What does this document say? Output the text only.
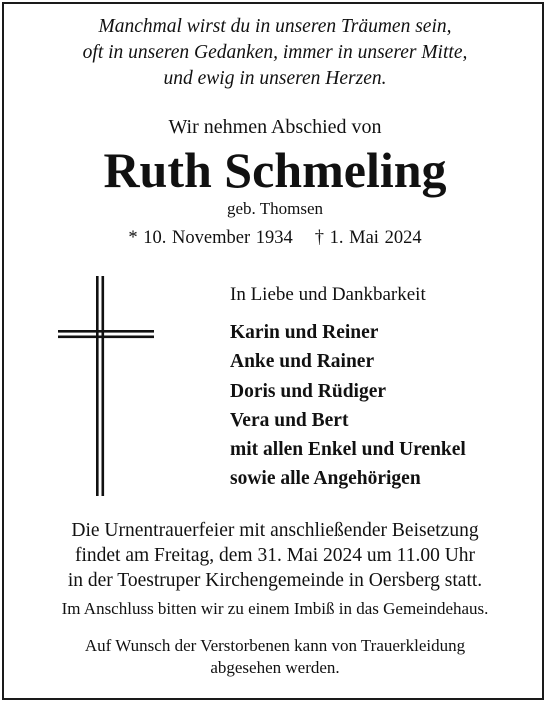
Manchmal wirst du in unseren Träumen sein,
oft in unseren Gedanken, immer in unserer Mitte,
und ewig in unseren Herzen.
Wir nehmen Abschied von
Ruth Schmeling
geb. Thomsen
* 10. November 1934 † 1. Mai 2024
In Liebe und Dankbarkeit
Karin und Reiner
Anke und Rainer
Doris und Rüdiger
Vera und Bert
mit allen Enkel und Urenkel
sowie alle Angehörigen
Die Urnentrauerfeier mit anschließender Beisetzung
findet am Freitag, dem 31. Mai 2024 um 11.00 Uhr
in der Toestruper Kirchengemeinde in Oersberg statt.
Im Anschluss bitten wir zu einem Imbiß in das Gemeindehaus.
Auf Wunsch der Verstorbenen kann von Trauerkleidung
abgesehen werden.
